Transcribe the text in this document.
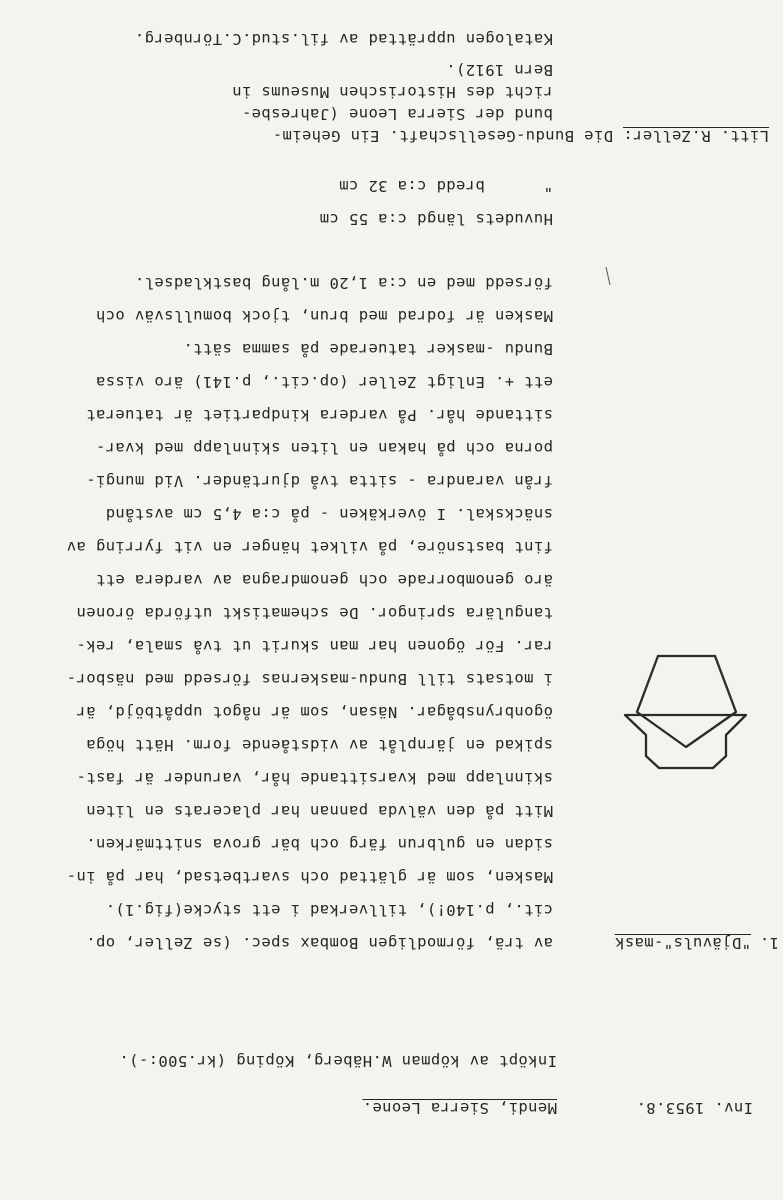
Inv. 1953.8.
Mendi, Sierra Leone.
Inköpt av köpman W.Häberg, Köping (kr.500:-).
1.
"Djävuls"-mask
av trä, förmodligen Bombax spec. (se Zeller, op.
cit., p.140!), tillverkad i ett stycke(fig.1).
Masken, som är glättad och svartbetsad, har på in-
sidan en gulbrun färg och bär grova snittmärken.
Mitt på den välvda pannan har placerats en liten
skinnlapp med kvarsittande hår, varunder är fast-
spikad en järnplåt av vidstående form. Hätt höga
ögonbrynsbågar. Näsan, som är något uppåtböjd, är
i motsats till Bundu-maskernas försedd med näsbor-
rar. För ögonen har man skurit ut två smala, rek-
tangulära springor. De schematiskt utförda öronen
äro genomborrade och genomdragna av vardera ett
fint bastsnöre, på vilket hänger en vit fyrring av
snäckskal. I överkäken - på c:a 4,5 cm avstånd
från varandra - sitta två djurtänder. Vid mungi-
porna och på hakan en liten skinnlapp med kvar-
sittande hår. På vardera kindpartiet är tatuerat
ett +. Enligt Zeller (op.cit., p.141) äro vissa
Bundu -masker tatuerade på samma sätt.
Masken är fodrad med brun, tjock bomullsväv och
försedd med en c:a 1,20 m.lång bastkladsel.
Huvudets längd c:a 55 cm
"      bredd c:a 32 cm
Litt. R.Zeller:
Die Bundu-Gesellschaft. Ein Geheim-
bund der Sierra Leone (Jahresbe-
richt des Historischen Museums in
Bern 1912).
Katalogen upprättad av fil.stud.C.Törnberg.
